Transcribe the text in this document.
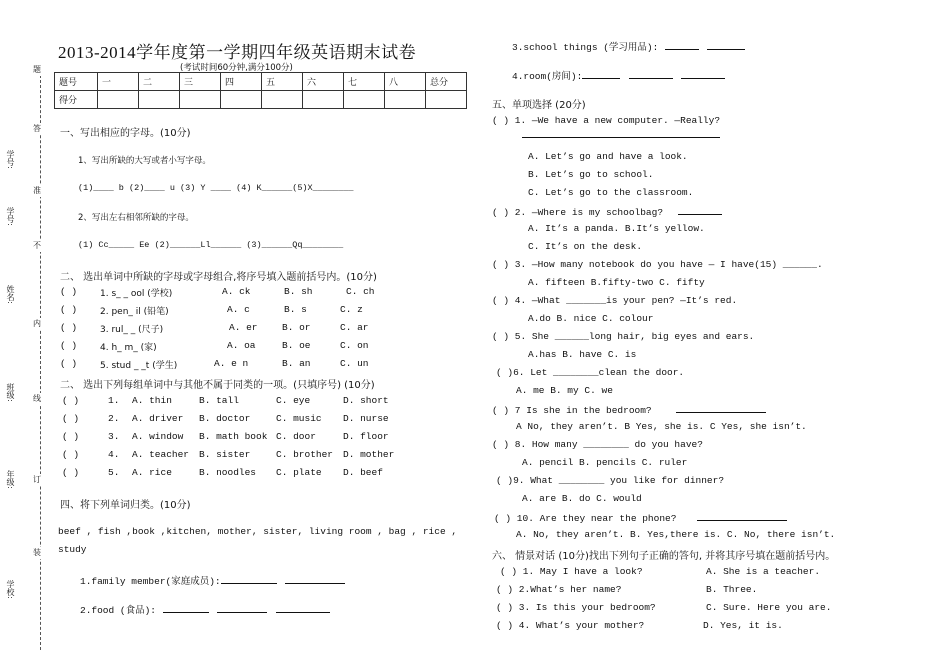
题
答
准
不
内
线
订
装
学号:
学号:
姓名:
班级:
年级:
学校:
2013-2014学年度第一学期四年级英语期末试卷
(考试时间60分钟,满分100分)
题号	一	二	三	四	五	六	七	八	总分
得分									
一、写出相应的字母。(10分)
1、写出所缺的大写或者小写字母。
(1)____ b (2)____ u (3) Y ____ (4) K______(5)X________
2、写出左右相邻所缺的字母。
(1) Cc_____ Ee (2)______Ll______ (3)______Qq________
二、 选出单词中所缺的字母或字母组合,将序号填入题前括号内。(10分)
( )	1. s_ _ ool (学校)	A. ck	B. sh	C. ch
( )	2. pen_ il (铅笔)	A. c	B. s	C. z
( )	3. rul_ _ (尺子)	A. er	B. or	C. ar
( )	4. h_ m_ (家)	A. oa	B. oe	C. on
( )	5. stud _ _t (学生)	A. e n	B. an	C. un
二、 选出下列每组单词中与其他不属于同类的一项。(只填序号) (10分)
( )	1. A. thin	B. tall	C. eye	D. short
( )	2. A. driver B. doctor	C. music D. nurse
( )	3. A. window B. math book C. door	D. floor
( )	4. A. teacher B. sister	C. brother D. mother
( )	5. A. rice	B. noodles C. plate D. beef
四、将下列单词归类。(10分)
beef , fish ,book ,kitchen, mother, sister, living room , bag , rice ,
study
1.family member(家庭成员):
2.food (食品):
3.school things (学习用品):
4.room(房间):
五、单项选择 (20分)
( ) 1. —We have a new computer. —Really?
A. Let’s go and have a look.
B. Let’s go to school.
C. Let’s go to the classroom.
( ) 2. —Where is my schoolbag?
A. It’s a panda. B.It’s yellow.
C. It’s on the desk.
( ) 3. —How many notebook do you have — I have(15) ______.
A. fifteen B.fifty-two C. fifty
( ) 4. —What _______is your pen? —It’s red.
A.do B. nice C. colour
( ) 5. She ______long hair, big eyes and ears.
A.has B. have C. is
( )6. Let ________clean the door.
A. me B. my C. we
( ) 7 Is she in the bedroom?
A No, they aren’t. B Yes, she is. C Yes, she isn’t.
( ) 8. How many ________ do you have?
A. pencil B. pencils C. ruler
( )9. What ________ you like for dinner?
A. are B. do C. would
( ) 10. Are they near the phone?
A. No, they aren’t. B. Yes,there is. C. No, there isn’t.
六、 情景对话 (10分)找出下列句子正确的答句, 并将其序号填在题前括号内。
( ) 1. May I have a look?	A. She is a teacher.
( ) 2.What’s her name?	B. Three.
( ) 3. Is this your bedroom?	C. Sure. Here you are.
( ) 4. What’s your mother?	D. Yes, it is.
